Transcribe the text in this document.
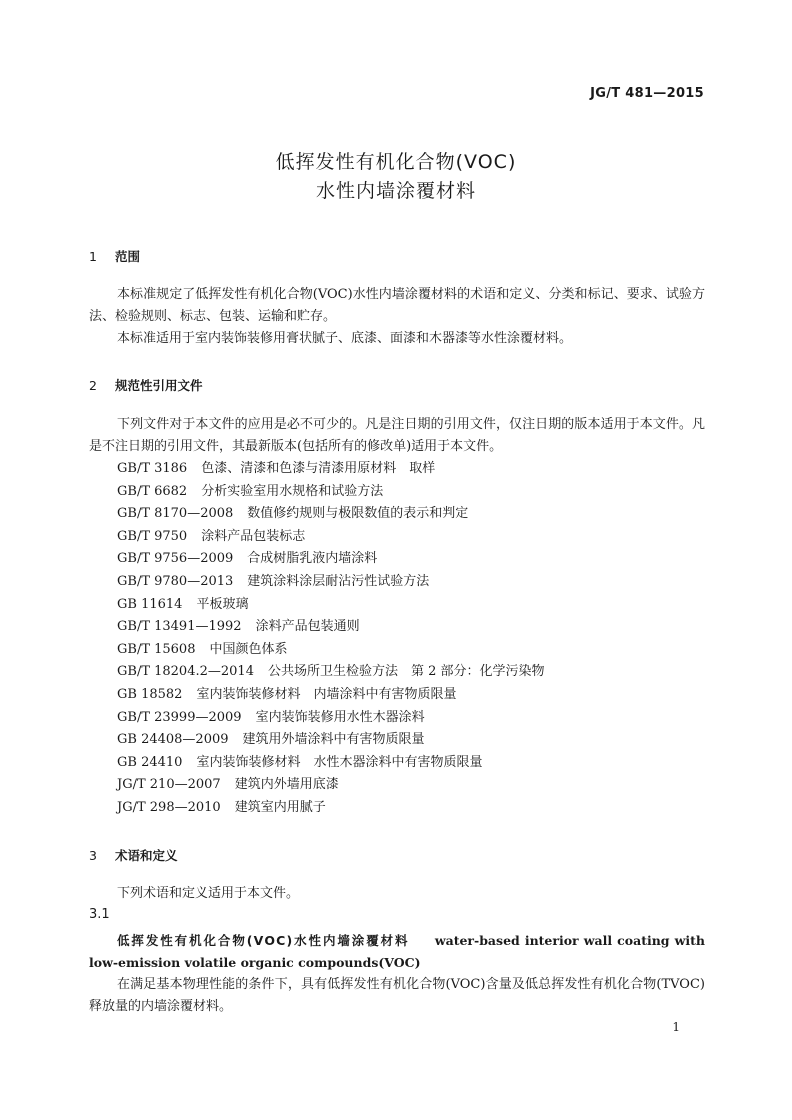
JG/T 481—2015
低挥发性有机化合物(VOC)
水性内墙涂覆材料
1 范围
本标准规定了低挥发性有机化合物(VOC)水性内墙涂覆材料的术语和定义、分类和标记、要求、试验方法、检验规则、标志、包装、运输和贮存。
本标准适用于室内装饰装修用膏状腻子、底漆、面漆和木器漆等水性涂覆材料。
2 规范性引用文件
下列文件对于本文件的应用是必不可少的。凡是注日期的引用文件，仅注日期的版本适用于本文件。凡是不注日期的引用文件，其最新版本(包括所有的修改单)适用于本文件。
GB/T 3186 色漆、清漆和色漆与清漆用原材料　取样
GB/T 6682 分析实验室用水规格和试验方法
GB/T 8170—2008 数值修约规则与极限数值的表示和判定
GB/T 9750 涂料产品包装标志
GB/T 9756—2009 合成树脂乳液内墙涂料
GB/T 9780—2013 建筑涂料涂层耐沾污性试验方法
GB 11614 平板玻璃
GB/T 13491—1992 涂料产品包装通则
GB/T 15608 中国颜色体系
GB/T 18204.2—2014 公共场所卫生检验方法　第 2 部分：化学污染物
GB 18582 室内装饰装修材料　内墙涂料中有害物质限量
GB/T 23999—2009 室内装饰装修用水性木器涂料
GB 24408—2009 建筑用外墙涂料中有害物质限量
GB 24410 室内装饰装修材料　水性木器涂料中有害物质限量
JG/T 210—2007 建筑内外墙用底漆
JG/T 298—2010 建筑室内用腻子
3 术语和定义
下列术语和定义适用于本文件。
3.1
低挥发性有机化合物(VOC)水性内墙涂覆材料 water-based interior wall coating with low-emission volatile organic compounds(VOC)
在满足基本物理性能的条件下，具有低挥发性有机化合物(VOC)含量及低总挥发性有机化合物(TVOC)释放量的内墙涂覆材料。
1
